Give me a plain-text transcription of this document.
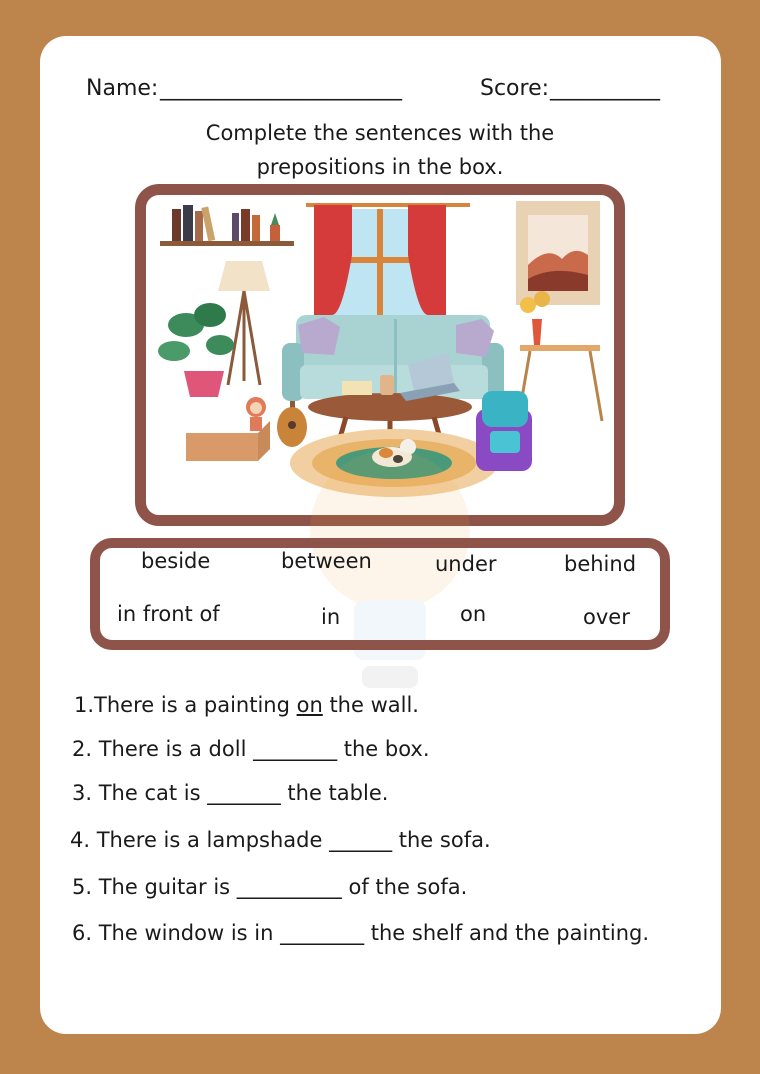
Name: ______________________	Score: __________
Complete the sentences with the
prepositions in the box.
beside	between	under	behind
in front of	in	on	over
1.There is a painting on the wall.
2. There is a doll ________ the box.
3. The cat is _______ the table.
4. There is a lampshade ______ the sofa.
5. The guitar is __________ of the sofa.
6. The window is in ________ the shelf and the painting.
